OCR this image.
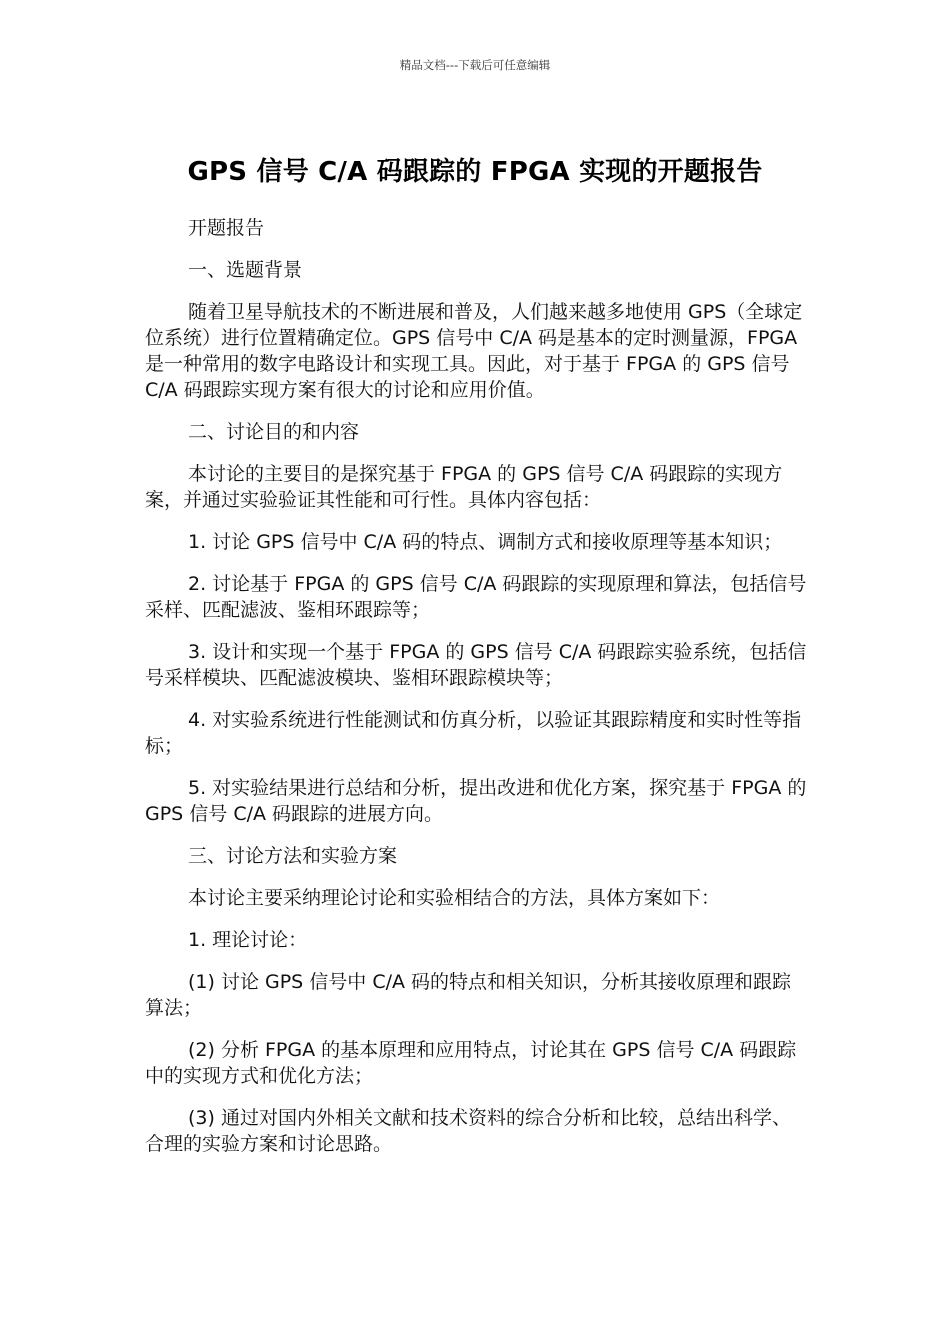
精品文档---下载后可任意编辑
GPS 信号 C/A 码跟踪的 FPGA 实现的开题报告

开题报告

一、选题背景

随着卫星导航技术的不断进展和普及，人们越来越多地使用 GPS（全球定位系统）进行位置精确定位。GPS 信号中 C/A 码是基本的定时测量源，FPGA 是一种常用的数字电路设计和实现工具。因此，对于基于 FPGA 的 GPS 信号 C/A 码跟踪实现方案有很大的讨论和应用价值。

二、讨论目的和内容

本讨论的主要目的是探究基于 FPGA 的 GPS 信号 C/A 码跟踪的实现方案，并通过实验验证其性能和可行性。具体内容包括：

1. 讨论 GPS 信号中 C/A 码的特点、调制方式和接收原理等基本知识；

2. 讨论基于 FPGA 的 GPS 信号 C/A 码跟踪的实现原理和算法，包括信号采样、匹配滤波、鉴相环跟踪等；

3. 设计和实现一个基于 FPGA 的 GPS 信号 C/A 码跟踪实验系统，包括信号采样模块、匹配滤波模块、鉴相环跟踪模块等；

4. 对实验系统进行性能测试和仿真分析，以验证其跟踪精度和实时性等指标；

5. 对实验结果进行总结和分析，提出改进和优化方案，探究基于 FPGA 的 GPS 信号 C/A 码跟踪的进展方向。

三、讨论方法和实验方案

本讨论主要采纳理论讨论和实验相结合的方法，具体方案如下：

1. 理论讨论：

(1) 讨论 GPS 信号中 C/A 码的特点和相关知识，分析其接收原理和跟踪算法；

(2) 分析 FPGA 的基本原理和应用特点，讨论其在 GPS 信号 C/A 码跟踪中的实现方式和优化方法；

(3) 通过对国内外相关文献和技术资料的综合分析和比较，总结出科学、合理的实验方案和讨论思路。
